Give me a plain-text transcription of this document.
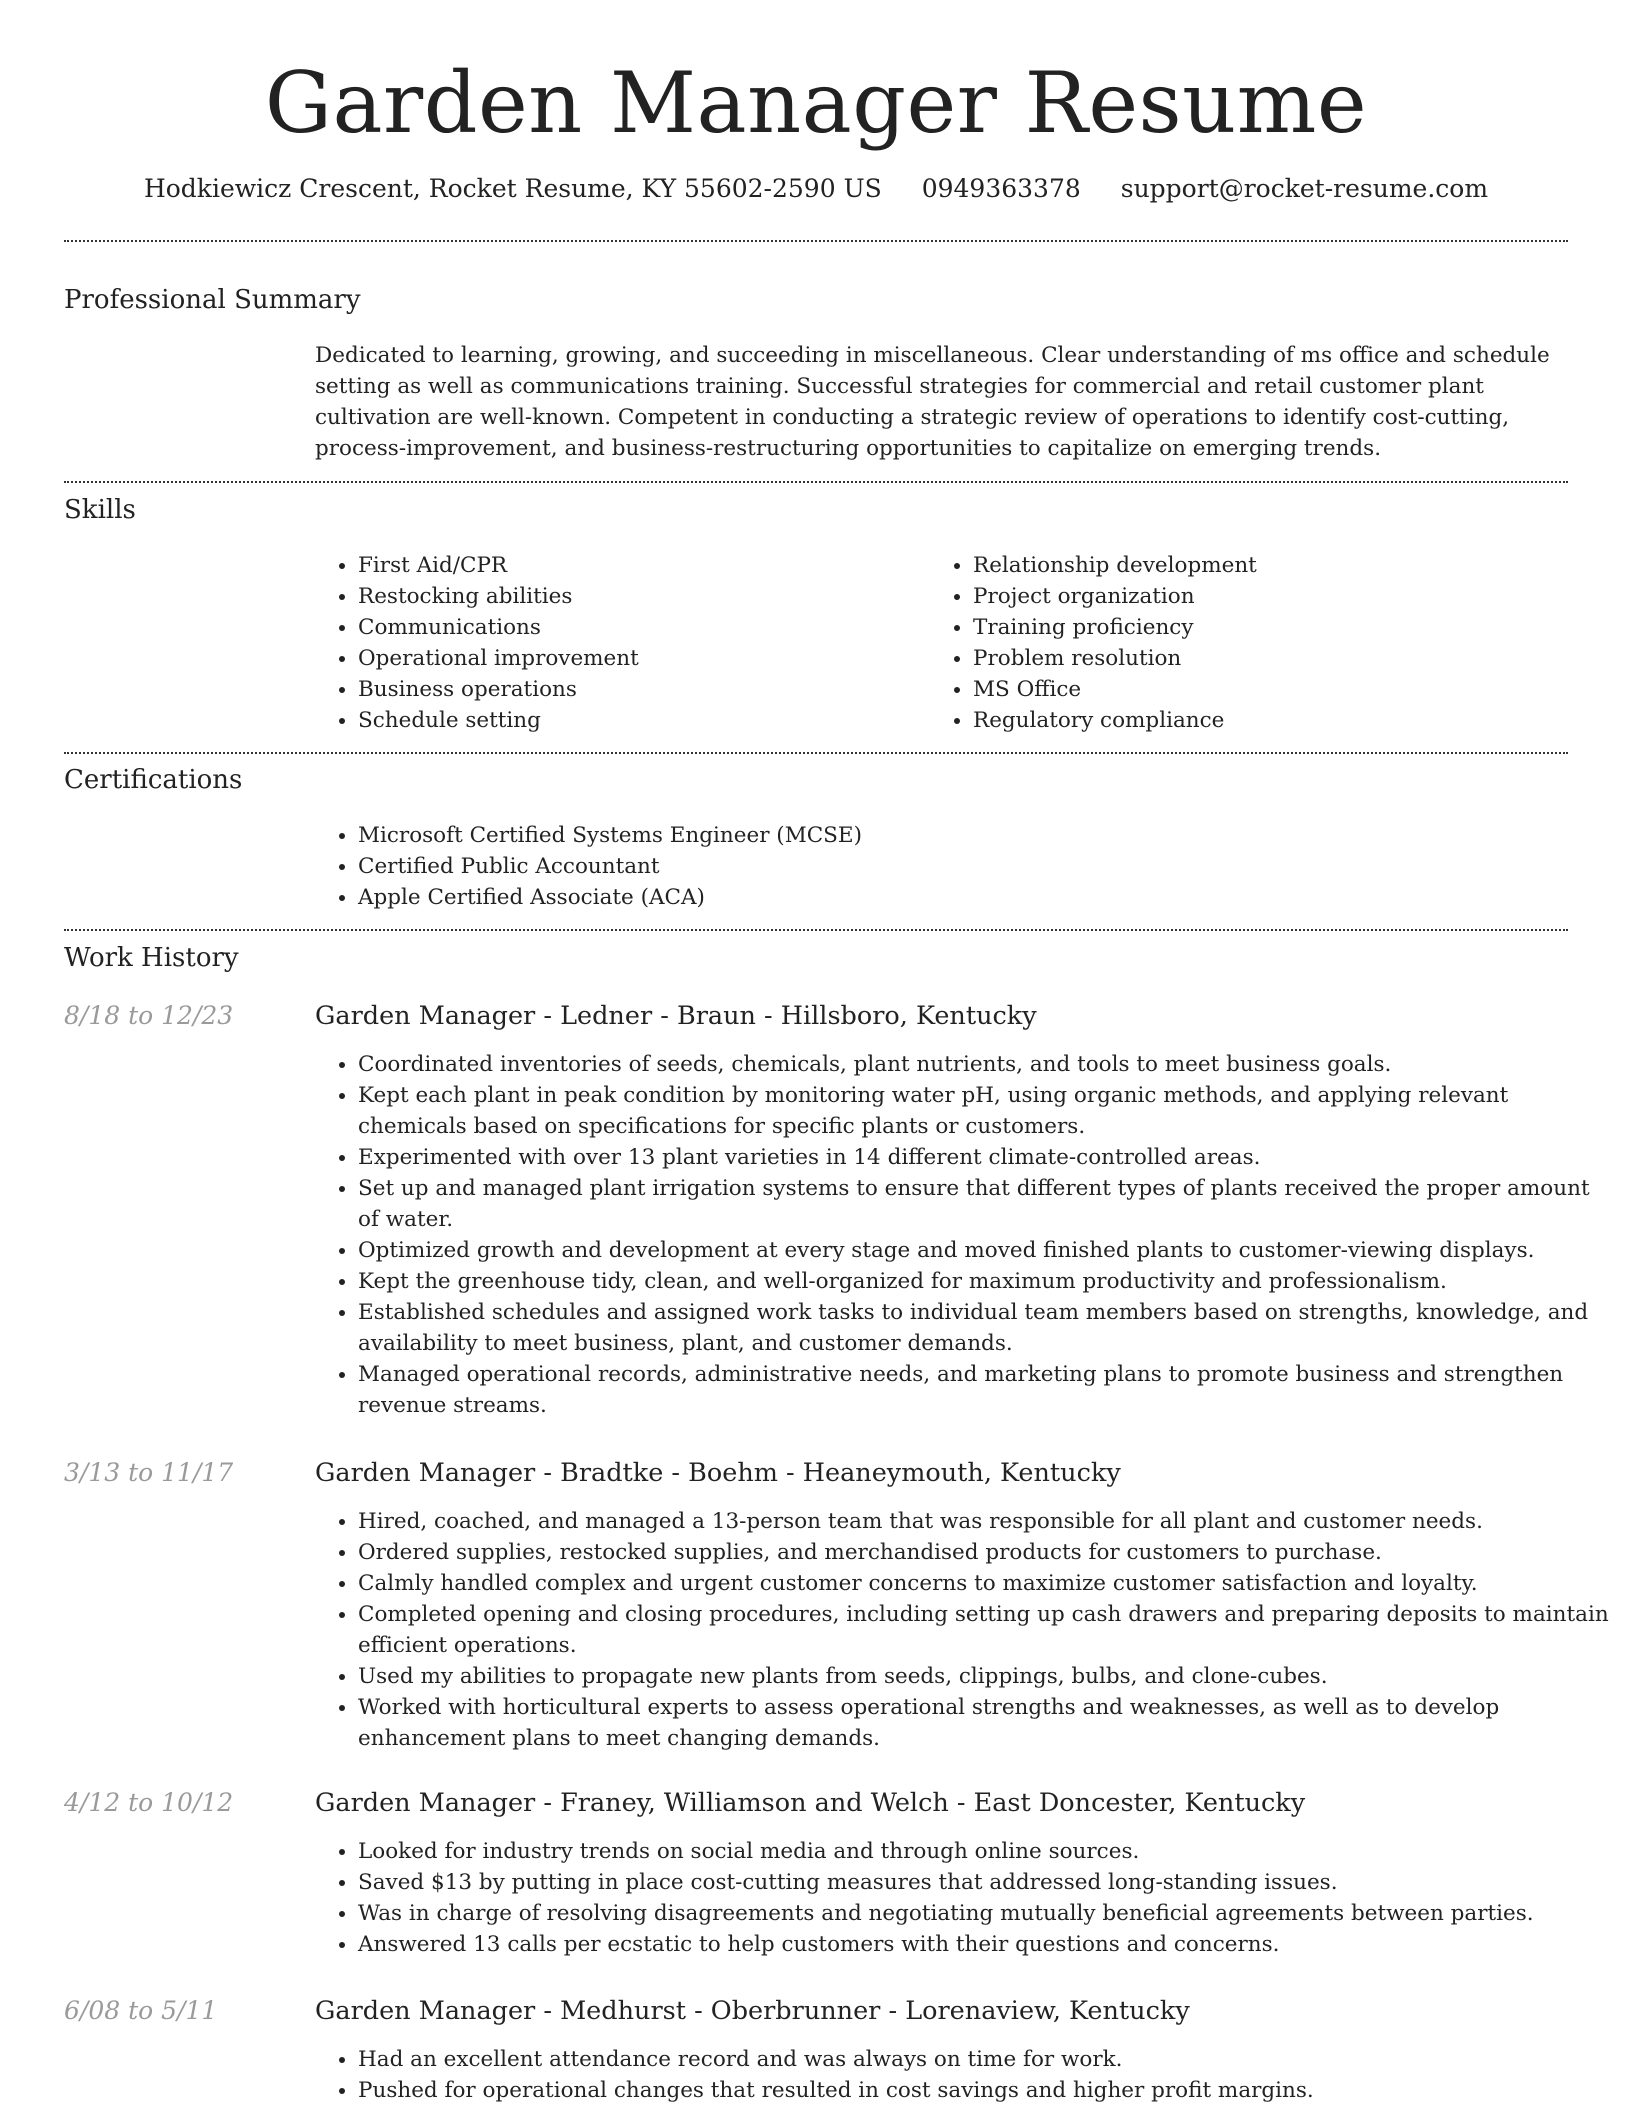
Garden Manager Resume
Hodkiewicz Crescent, Rocket Resume, KY 55602-2590 US 0949363378 support@rocket-resume.com
Professional Summary
Dedicated to learning, growing, and succeeding in miscellaneous. Clear understanding of ms office and schedule setting as well as communications training. Successful strategies for commercial and retail customer plant cultivation are well-known. Competent in conducting a strategic review of operations to identify cost-cutting, process-improvement, and business-restructuring opportunities to capitalize on emerging trends.
Skills
• First Aid/CPR
• Restocking abilities
• Communications
• Operational improvement
• Business operations
• Schedule setting
• Relationship development
• Project organization
• Training proficiency
• Problem resolution
• MS Office
• Regulatory compliance
Certifications
• Microsoft Certified Systems Engineer (MCSE)
• Certified Public Accountant
• Apple Certified Associate (ACA)
Work History
8/18 to 12/23	Garden Manager - Ledner - Braun - Hillsboro, Kentucky
• Coordinated inventories of seeds, chemicals, plant nutrients, and tools to meet business goals.
• Kept each plant in peak condition by monitoring water pH, using organic methods, and applying relevant chemicals based on specifications for specific plants or customers.
• Experimented with over 13 plant varieties in 14 different climate-controlled areas.
• Set up and managed plant irrigation systems to ensure that different types of plants received the proper amount of water.
• Optimized growth and development at every stage and moved finished plants to customer-viewing displays.
• Kept the greenhouse tidy, clean, and well-organized for maximum productivity and professionalism.
• Established schedules and assigned work tasks to individual team members based on strengths, knowledge, and availability to meet business, plant, and customer demands.
• Managed operational records, administrative needs, and marketing plans to promote business and strengthen revenue streams.
3/13 to 11/17	Garden Manager - Bradtke - Boehm - Heaneymouth, Kentucky
• Hired, coached, and managed a 13-person team that was responsible for all plant and customer needs.
• Ordered supplies, restocked supplies, and merchandised products for customers to purchase.
• Calmly handled complex and urgent customer concerns to maximize customer satisfaction and loyalty.
• Completed opening and closing procedures, including setting up cash drawers and preparing deposits to maintain efficient operations.
• Used my abilities to propagate new plants from seeds, clippings, bulbs, and clone-cubes.
• Worked with horticultural experts to assess operational strengths and weaknesses, as well as to develop enhancement plans to meet changing demands.
4/12 to 10/12	Garden Manager - Franey, Williamson and Welch - East Doncester, Kentucky
• Looked for industry trends on social media and through online sources.
• Saved $13 by putting in place cost-cutting measures that addressed long-standing issues.
• Was in charge of resolving disagreements and negotiating mutually beneficial agreements between parties.
• Answered 13 calls per ecstatic to help customers with their questions and concerns.
6/08 to 5/11	Garden Manager - Medhurst - Oberbrunner - Lorenaview, Kentucky
• Had an excellent attendance record and was always on time for work.
• Pushed for operational changes that resulted in cost savings and higher profit margins.
